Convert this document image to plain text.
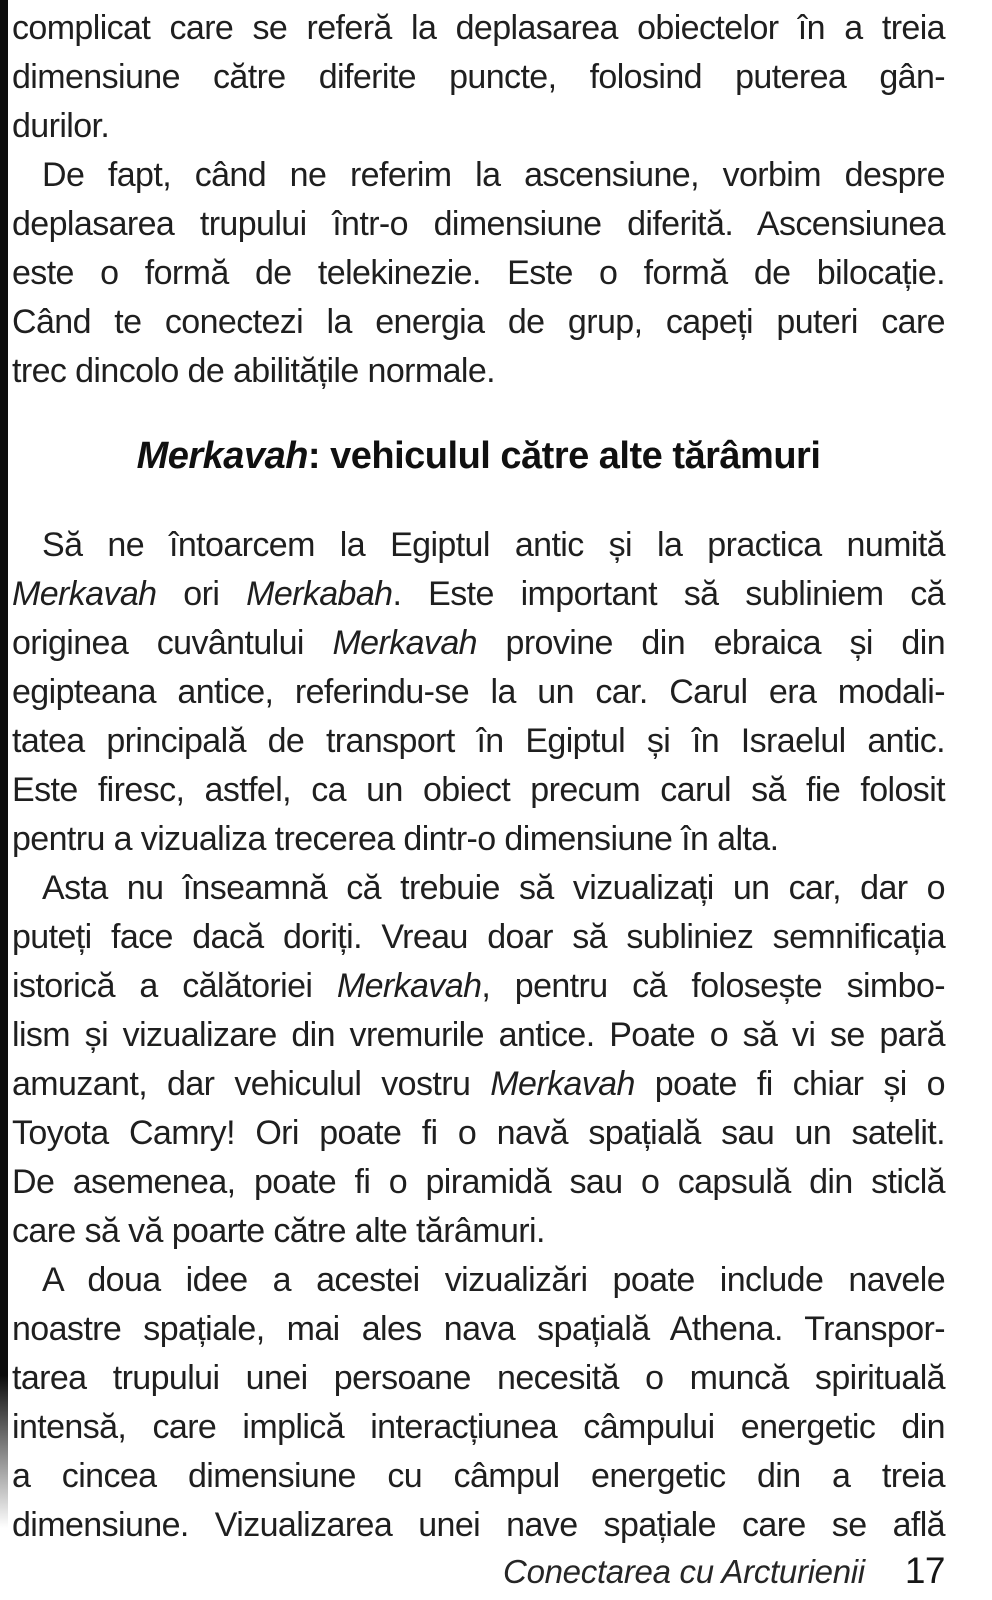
complicat care se referă la deplasarea obiectelor în a treia
dimensiune către diferite puncte, folosind puterea gân-
durilor.
De fapt, când ne referim la ascensiune, vorbim despre
deplasarea trupului într-o dimensiune diferită. Ascensiunea
este o formă de telekinezie. Este o formă de bilocație.
Când te conectezi la energia de grup, capeți puteri care
trec dincolo de abilitățile normale.
Merkavah: vehiculul către alte tărâmuri
Să ne întoarcem la Egiptul antic și la practica numită
Merkavah ori Merkabah. Este important să subliniem că
originea cuvântului Merkavah provine din ebraica și din
egipteana antice, referindu-se la un car. Carul era modali-
tatea principală de transport în Egiptul și în Israelul antic.
Este firesc, astfel, ca un obiect precum carul să fie folosit
pentru a vizualiza trecerea dintr-o dimensiune în alta.
Asta nu înseamnă că trebuie să vizualizați un car, dar o
puteți face dacă doriți. Vreau doar să subliniez semnificația
istorică a călătoriei Merkavah, pentru că folosește simbo-
lism și vizualizare din vremurile antice. Poate o să vi se pară
amuzant, dar vehiculul vostru Merkavah poate fi chiar și o
Toyota Camry! Ori poate fi o navă spațială sau un satelit.
De asemenea, poate fi o piramidă sau o capsulă din sticlă
care să vă poarte către alte tărâmuri.
A doua idee a acestei vizualizări poate include navele
noastre spațiale, mai ales nava spațială Athena. Transpor-
tarea trupului unei persoane necesită o muncă spirituală
intensă, care implică interacțiunea câmpului energetic din
a cincea dimensiune cu câmpul energetic din a treia
dimensiune. Vizualizarea unei nave spațiale care se află
Conectarea cu Arcturienii 17
